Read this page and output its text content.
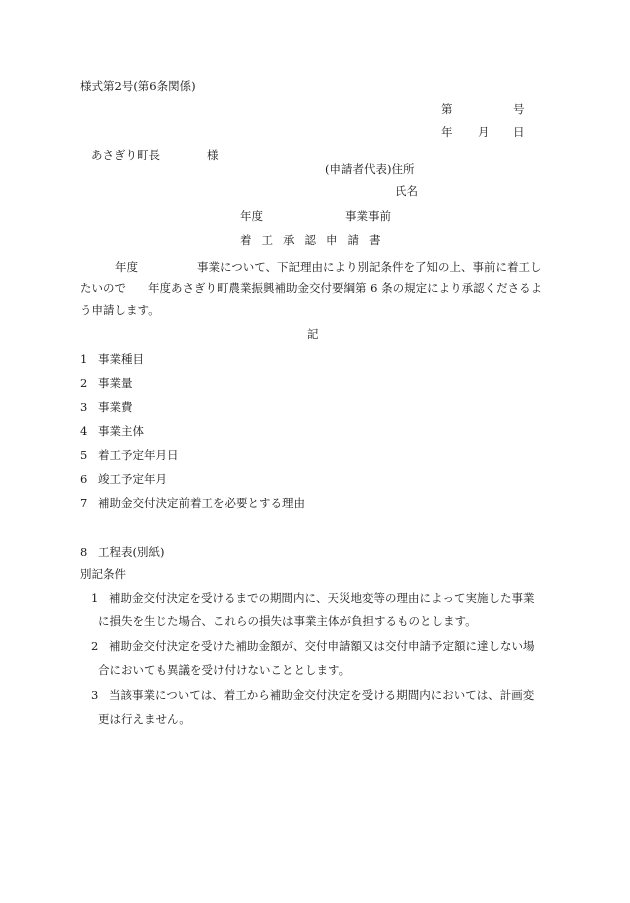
様式第2号(第6条関係)
第	号
年 月 日
あさぎり町長	様
(申請者代表)住所
氏名
年度	事業事前
着工承認申請書
年度	事業について、下記理由により別記条件を了知の上、事前に着工し
たいので 年度あさぎり町農業振興補助金交付要綱第 6 条の規定により承認くださるよ
う申請します。
記
1 事業種目
2 事業量
3 事業費
4 事業主体
5 着工予定年月日
6 竣工予定年月
7 補助金交付決定前着工を必要とする理由
8 工程表(別紙)
別記条件
1 補助金交付決定を受けるまでの期間内に、天災地変等の理由によって実施した事業
に損失を生じた場合、これらの損失は事業主体が負担するものとします。
2 補助金交付決定を受けた補助金額が、交付申請額又は交付申請予定額に達しない場
合においても異議を受け付けないこととします。
3 当該事業については、着工から補助金交付決定を受ける期間内においては、計画変
更は行えません。
